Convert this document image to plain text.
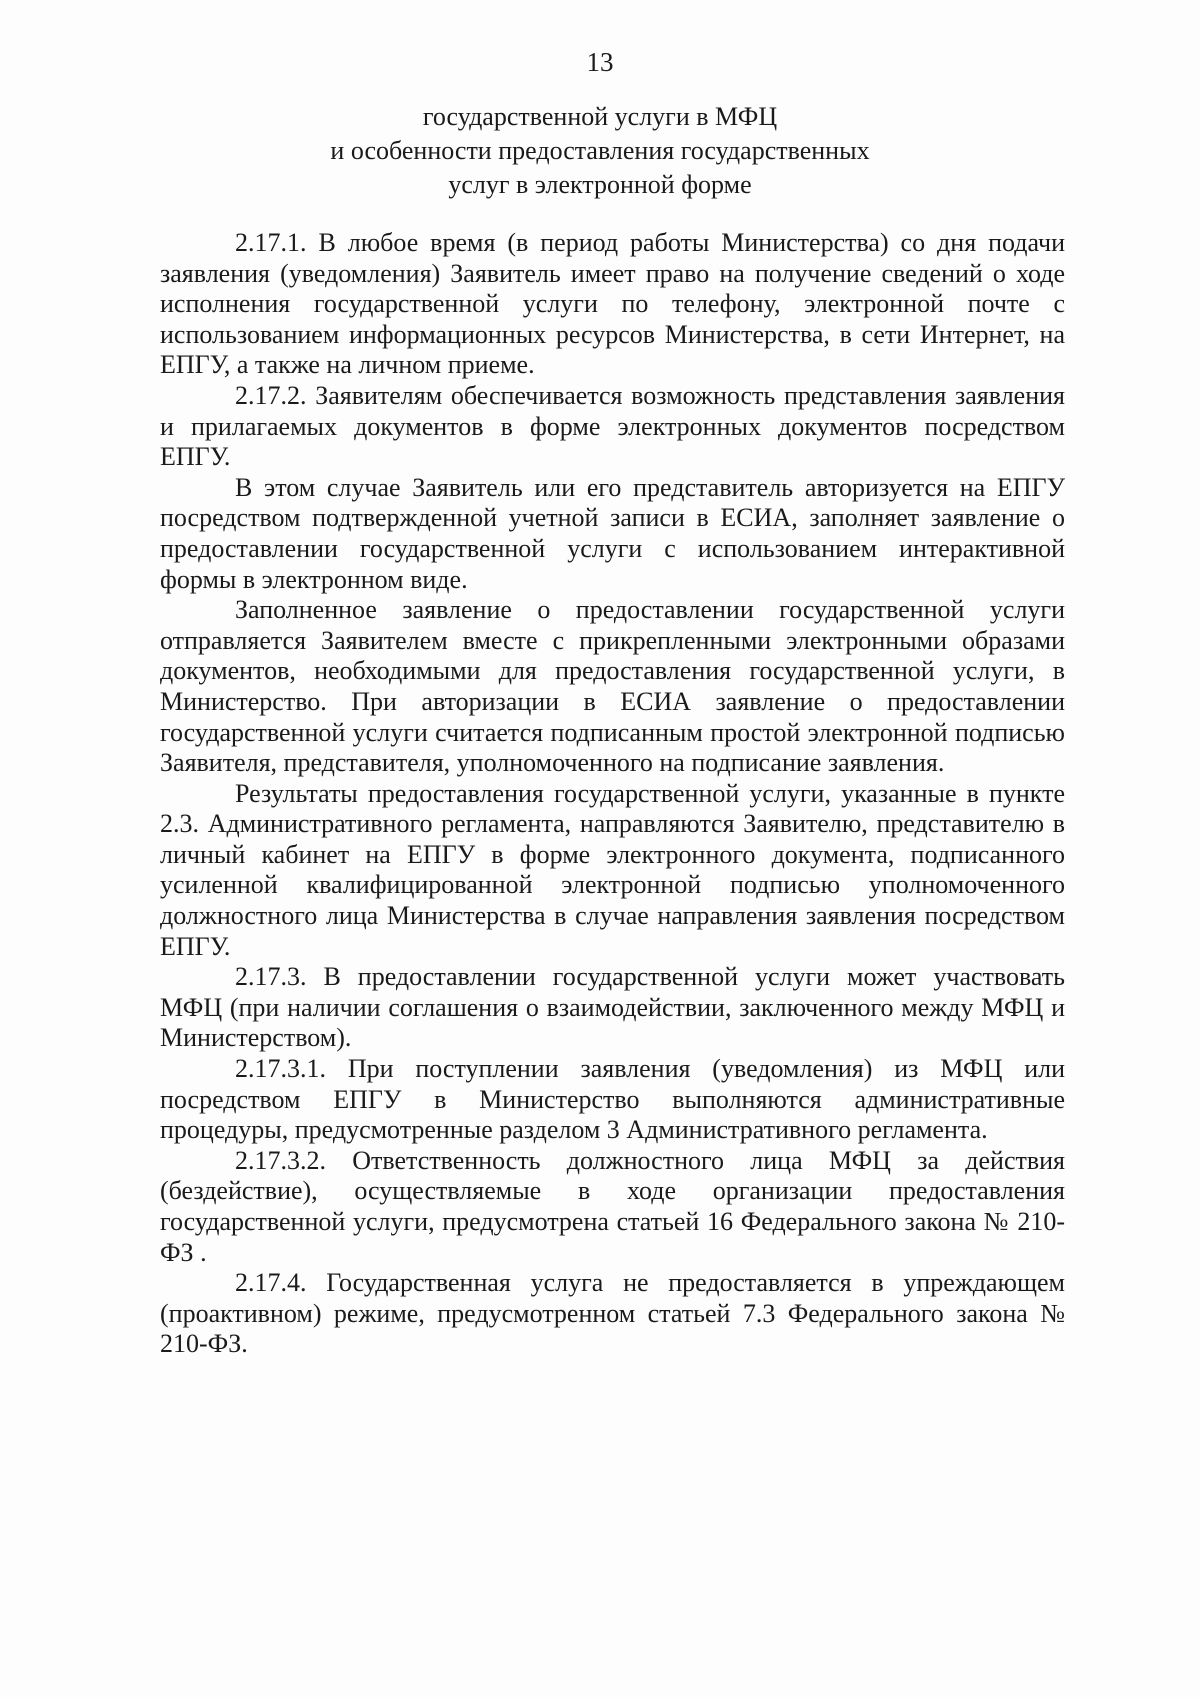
13
государственной услуги в МФЦ
и особенности предоставления государственных
услуг в электронной форме

2.17.1. В любое время (в период работы Министерства) со дня подачи заявления (уведомления) Заявитель имеет право на получение сведений о ходе исполнения государственной услуги по телефону, электронной почте с использованием информационных ресурсов Министерства, в сети Интернет, на ЕПГУ, а также на личном приеме.

2.17.2. Заявителям обеспечивается возможность представления заявления и прилагаемых документов в форме электронных документов посредством ЕПГУ.

В этом случае Заявитель или его представитель авторизуется на ЕПГУ посредством подтвержденной учетной записи в ЕСИА, заполняет заявление о предоставлении государственной услуги с использованием интерактивной формы в электронном виде.

Заполненное заявление о предоставлении государственной услуги отправляется Заявителем вместе с прикрепленными электронными образами документов, необходимыми для предоставления государственной услуги, в Министерство. При авторизации в ЕСИА заявление о предоставлении государственной услуги считается подписанным простой электронной подписью Заявителя, представителя, уполномоченного на подписание заявления.

Результаты предоставления государственной услуги, указанные в пункте 2.3. Административного регламента, направляются Заявителю, представителю в личный кабинет на ЕПГУ в форме электронного документа, подписанного усиленной квалифицированной электронной подписью уполномоченного должностного лица Министерства в случае направления заявления посредством ЕПГУ.

2.17.3. В предоставлении государственной услуги может участвовать МФЦ (при наличии соглашения о взаимодействии, заключенного между МФЦ и Министерством).

2.17.3.1. При поступлении заявления (уведомления) из МФЦ или посредством ЕПГУ в Министерство выполняются административные процедуры, предусмотренные разделом 3 Административного регламента.

2.17.3.2. Ответственность должностного лица МФЦ за действия (бездействие), осуществляемые в ходе организации предоставления государственной услуги, предусмотрена статьей 16 Федерального закона № 210-ФЗ .

2.17.4. Государственная услуга не предоставляется в упреждающем (проактивном) режиме, предусмотренном статьей 7.3 Федерального закона № 210-ФЗ.
